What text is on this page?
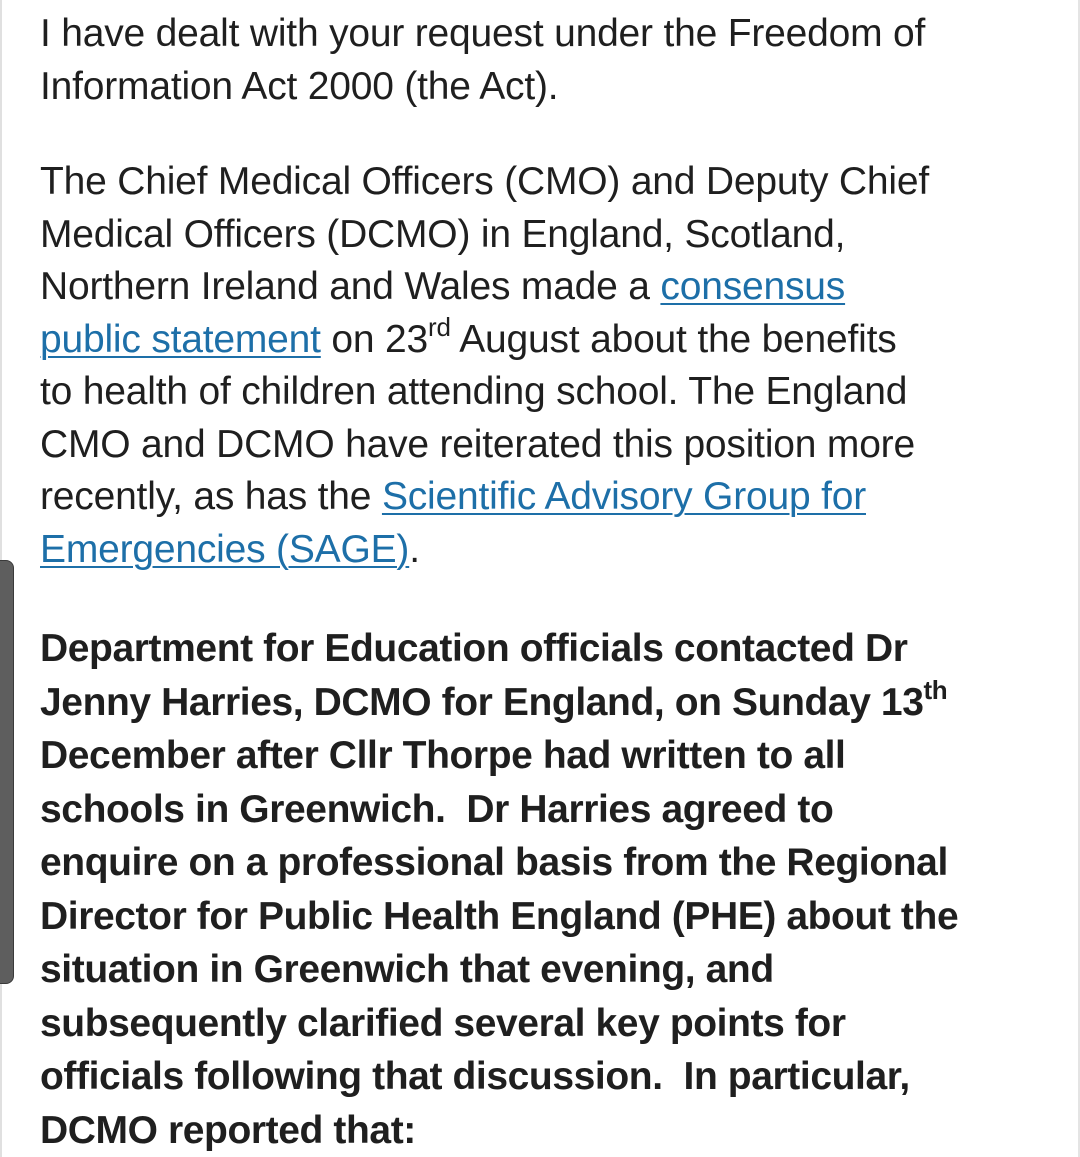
I have dealt with your request under the Freedom of
Information Act 2000 (the Act).

The Chief Medical Officers (CMO) and Deputy Chief
Medical Officers (DCMO) in England, Scotland,
Northern Ireland and Wales made a consensus
public statement on 23rd August about the benefits
to health of children attending school. The England
CMO and DCMO have reiterated this position more
recently, as has the Scientific Advisory Group for
Emergencies (SAGE).

Department for Education officials contacted Dr
Jenny Harries, DCMO for England, on Sunday 13th
December after Cllr Thorpe had written to all
schools in Greenwich.  Dr Harries agreed to
enquire on a professional basis from the Regional
Director for Public Health England (PHE) about the
situation in Greenwich that evening, and
subsequently clarified several key points for
officials following that discussion.  In particular,
DCMO reported that:
